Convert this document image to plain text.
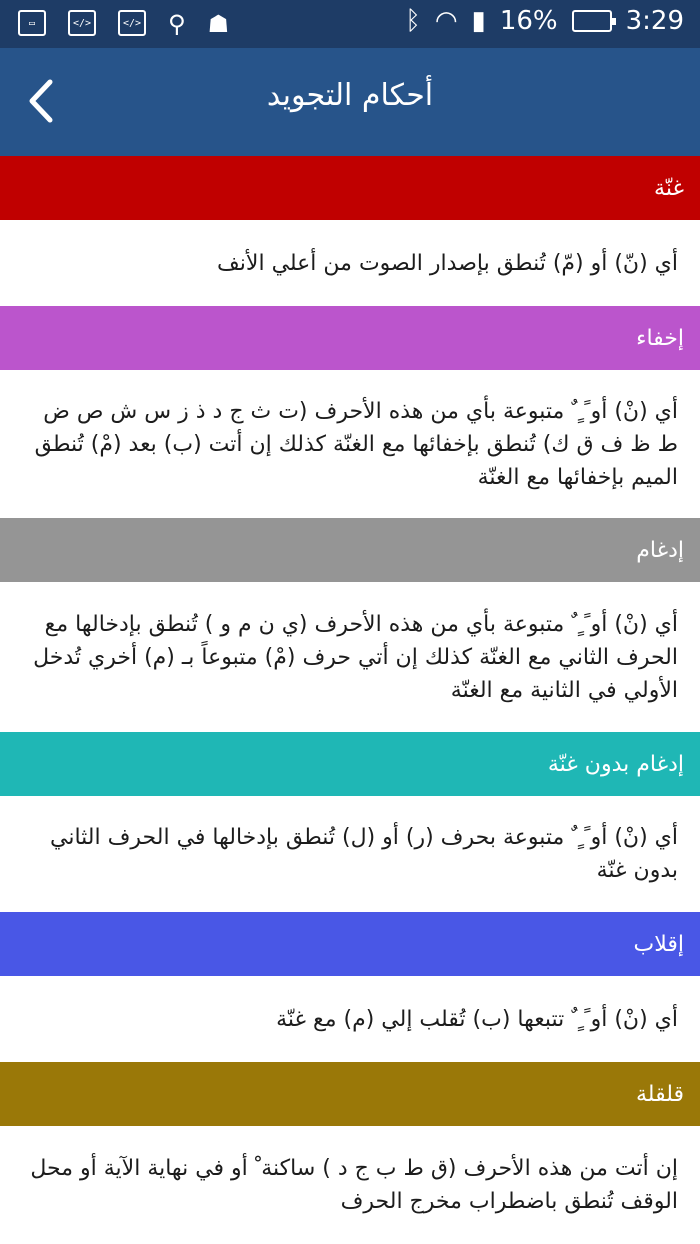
▭	</>	</> ⚲ ☗	ᛒ ◠ ▮ 16%	3:29
أحكام التجويد
غنّة
أي (نّ) أو (مّ) تُنطق بإصدار الصوت من أعلي الأنف
إخفاء
أي (نْ) أو ً ٍ ٌ متبوعة بأي من هذه الأحرف (ت ث ج د ذ ز س ش ص ض ط ظ ف ق ك) تُنطق بإخفائها مع الغنّة كذلك إن أتت (ب) بعد (مْ) تُنطق الميم بإخفائها مع الغنّة
إدغام
أي (نْ) أو ً ٍ ٌ متبوعة بأي من هذه الأحرف (ي ن م و ) تُنطق بإدخالها مع الحرف الثاني مع الغنّة كذلك إن أتي حرف (مْ) متبوعاً بـ (م) أخري تُدخل الأولي في الثانية مع الغنّة
إدغام بدون غنّة
أي (نْ) أو ً ٍ ٌ متبوعة بحرف (ر) أو (ل) تُنطق بإدخالها في الحرف الثاني بدون غنّة
إقلاب
أي (نْ) أو ً ٍ ٌ تتبعها (ب) تُقلب إلي (م) مع غنّة
قلقلة
إن أتت من هذه الأحرف (ق ط ب ج د ) ساكنة ْ أو في نهاية الآية أو محل الوقف تُنطق باضطراب مخرج الحرف
